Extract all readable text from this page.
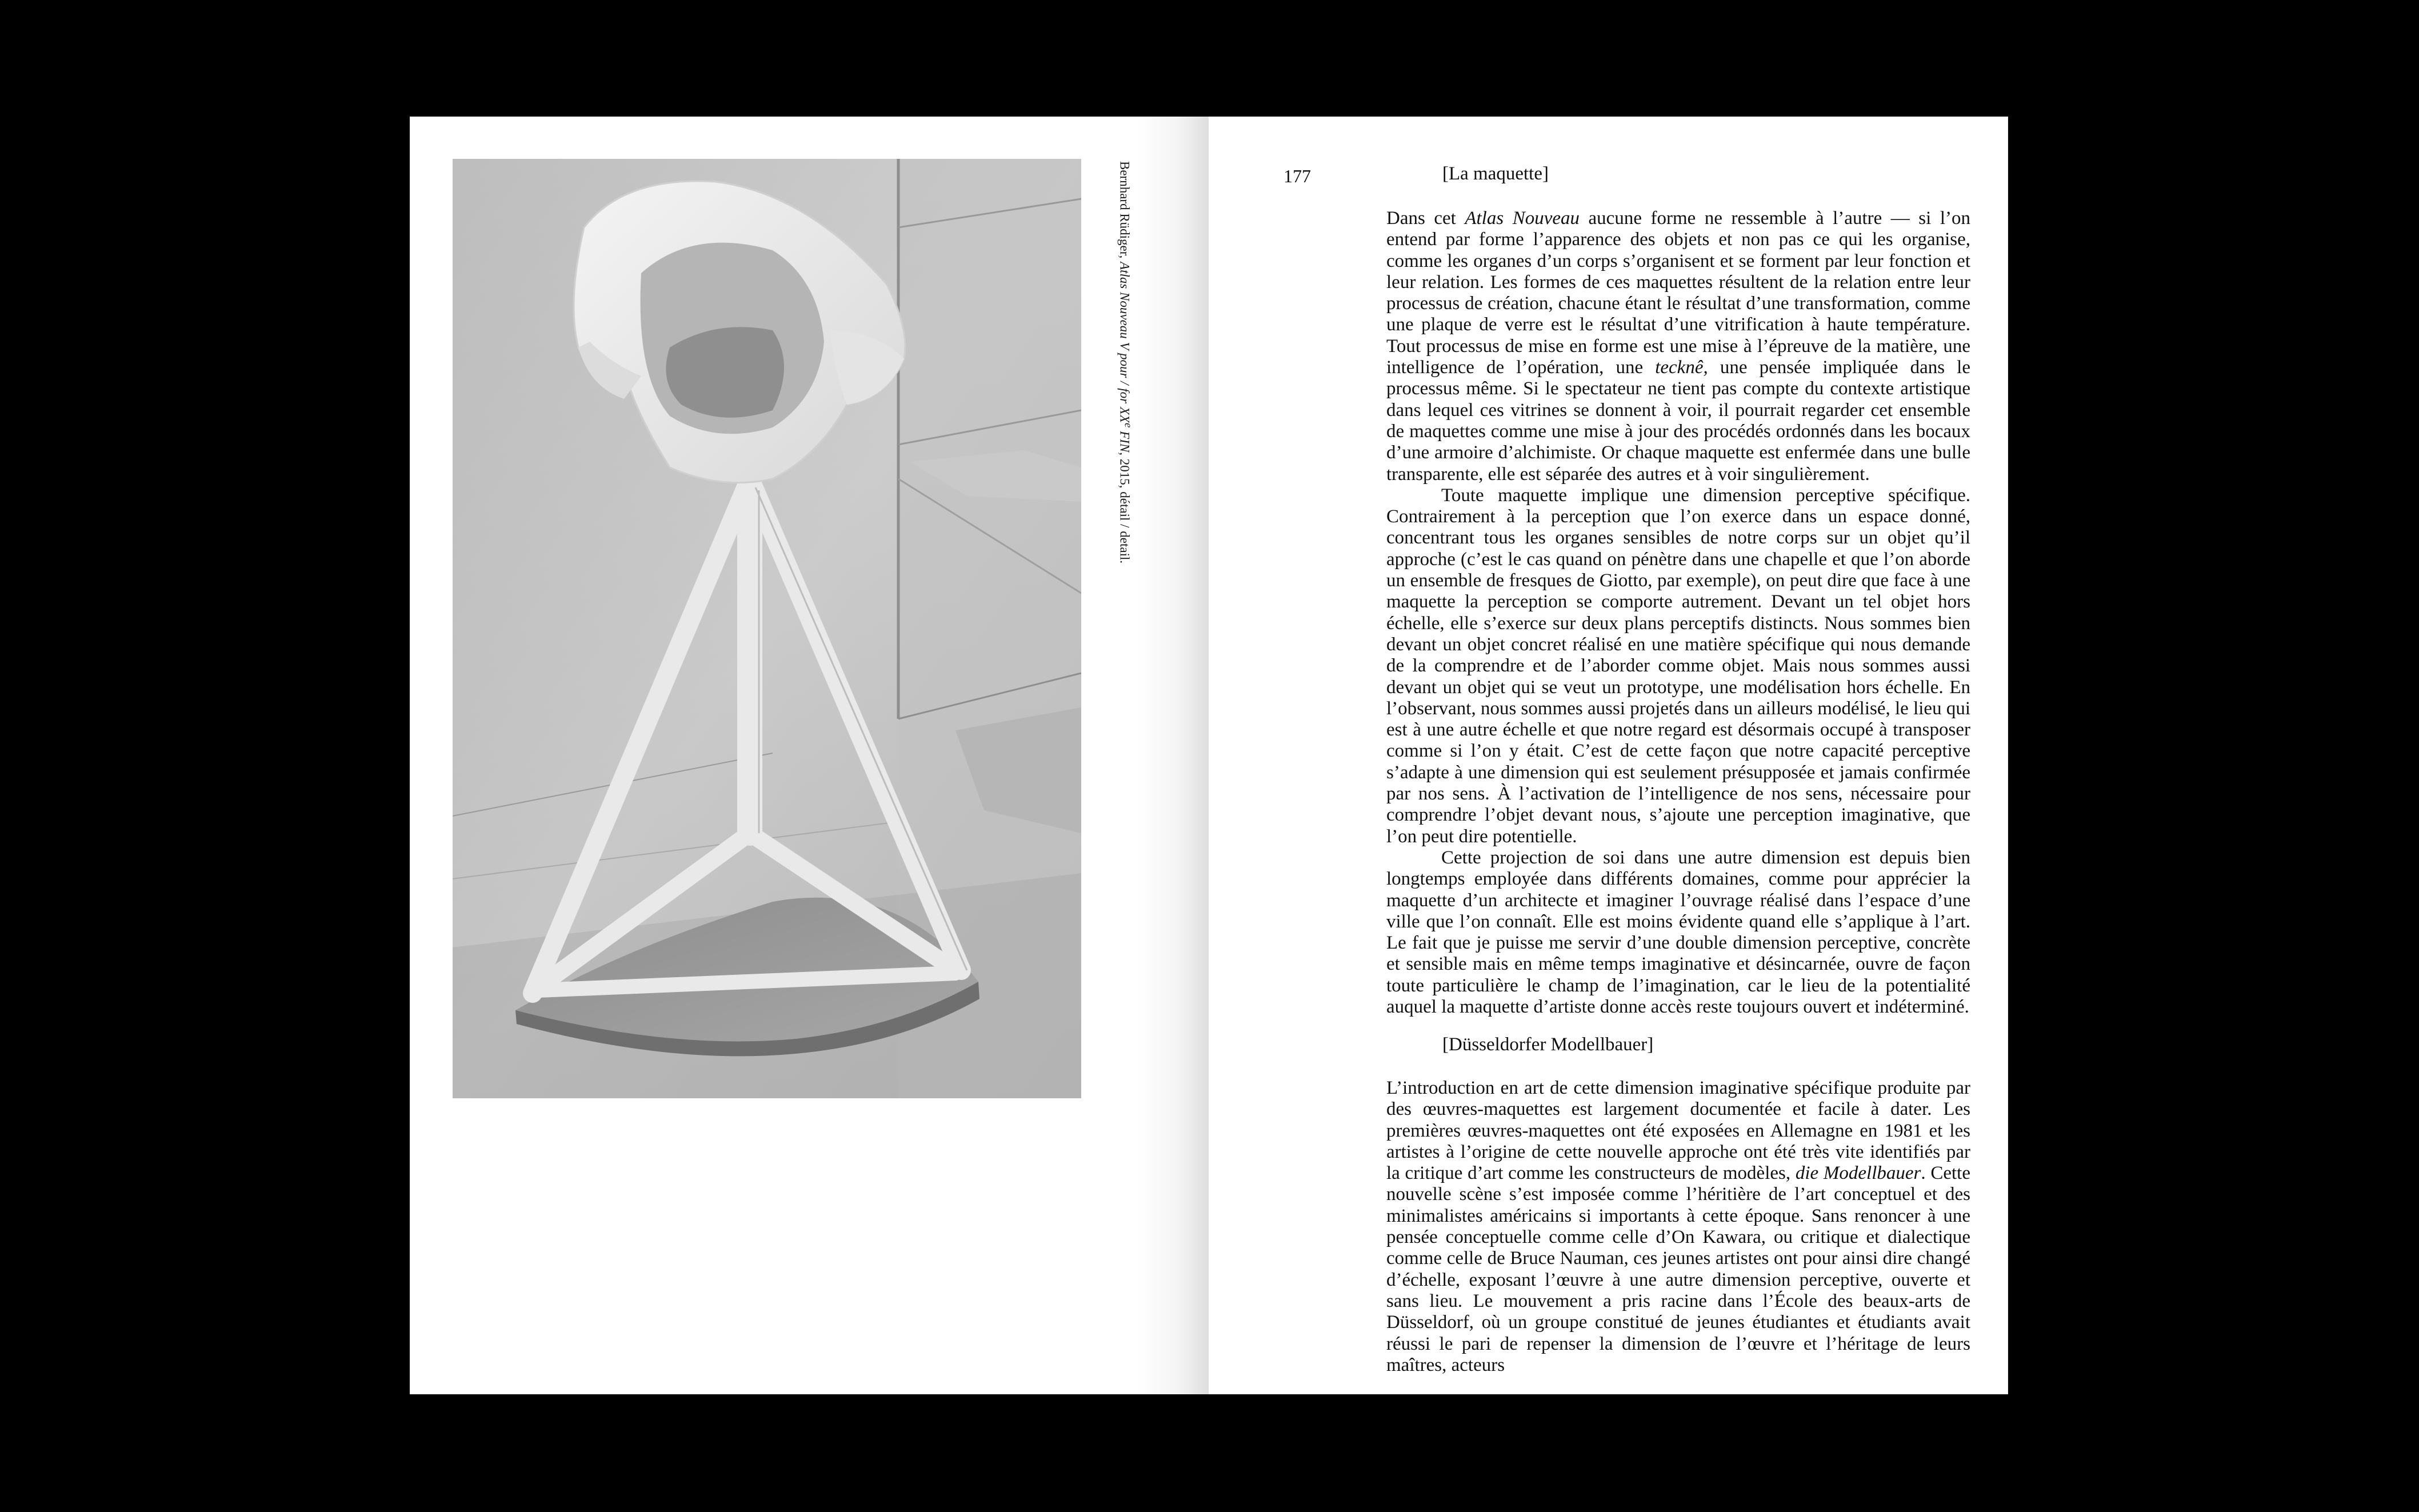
Bernhard Rüdiger, Atlas Nouveau V pour / for XXe FIN, 2015, détail / detail.
177	[La maquette]

Dans cet Atlas Nouveau aucune forme ne ressemble à l’autre — si l’on entend par forme l’apparence des objets et non pas ce qui les organise, comme les organes d’un corps s’organisent et se forment par leur fonction et leur relation. Les formes de ces maquettes résultent de la relation entre leur processus de création, chacune étant le résultat d’une transformation, comme une plaque de verre est le résultat d’une vitrification à haute température. Tout processus de mise en forme est une mise à l’épreuve de la matière, une intelligence de l’opération, une tecknê, une pensée impliquée dans le processus même. Si le spectateur ne tient pas compte du contexte artistique dans lequel ces vitrines se donnent à voir, il pourrait regarder cet ensemble de maquettes comme une mise à jour des procédés ordonnés dans les bocaux d’une armoire d’alchimiste. Or chaque maquette est enfermée dans une bulle transparente, elle est séparée des autres et à voir singulièrement.

Toute maquette implique une dimension perceptive spécifique. Contrairement à la perception que l’on exerce dans un espace donné, concentrant tous les organes sensibles de notre corps sur un objet qu’il approche (c’est le cas quand on pénètre dans une chapelle et que l’on aborde un ensemble de fresques de Giotto, par exemple), on peut dire que face à une maquette la perception se comporte autrement. Devant un tel objet hors échelle, elle s’exerce sur deux plans perceptifs distincts. Nous sommes bien devant un objet concret réalisé en une matière spécifique qui nous demande de la comprendre et de l’aborder comme objet. Mais nous sommes aussi devant un objet qui se veut un prototype, une modélisation hors échelle. En l’observant, nous sommes aussi projetés dans un ailleurs modélisé, le lieu qui est à une autre échelle et que notre regard est désormais occupé à transposer comme si l’on y était. C’est de cette façon que notre capacité perceptive s’adapte à une dimension qui est seulement présupposée et jamais confirmée par nos sens. À l’activation de l’intelligence de nos sens, nécessaire pour comprendre l’objet devant nous, s’ajoute une perception imaginative, que l’on peut dire potentielle.

Cette projection de soi dans une autre dimension est depuis bien longtemps employée dans différents domaines, comme pour apprécier la maquette d’un architecte et imaginer l’ouvrage réalisé dans l’espace d’une ville que l’on connaît. Elle est moins évidente quand elle s’applique à l’art. Le fait que je puisse me servir d’une double dimension perceptive, concrète et sensible mais en même temps imaginative et désincarnée, ouvre de façon toute particulière le champ de l’imagination, car le lieu de la potentialité auquel la maquette d’artiste donne accès reste toujours ouvert et indéterminé.

[Düsseldorfer Modellbauer]

L’introduction en art de cette dimension imaginative spécifique produite par des œuvres-maquettes est largement documentée et facile à dater. Les premières œuvres-maquettes ont été exposées en Allemagne en 1981 et les artistes à l’origine de cette nouvelle approche ont été très vite identifiés par la critique d’art comme les constructeurs de modèles, die Modellbauer. Cette nouvelle scène s’est imposée comme l’héritière de l’art conceptuel et des minimalistes américains si importants à cette époque. Sans renoncer à une pensée conceptuelle comme celle d’On Kawara, ou critique et dialectique comme celle de Bruce Nauman, ces jeunes artistes ont pour ainsi dire changé d’échelle, exposant l’œuvre à une autre dimension perceptive, ouverte et sans lieu. Le mouvement a pris racine dans l’École des beaux-arts de Düsseldorf, où un groupe constitué de jeunes étudiantes et étudiants avait réussi le pari de repenser la dimension de l’œuvre et l’héritage de leurs maîtres, acteurs
